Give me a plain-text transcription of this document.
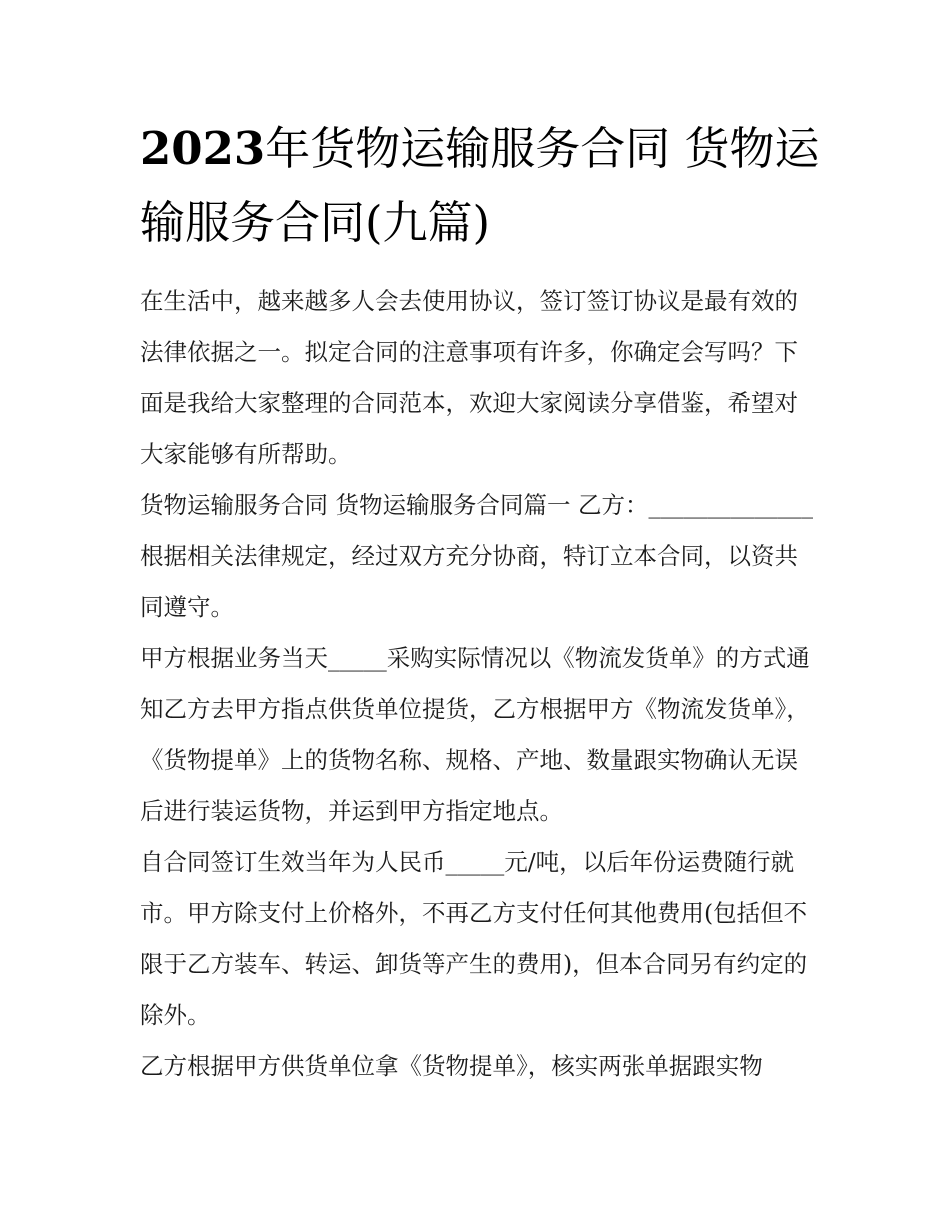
2023年货物运输服务合同 货物运输服务合同(九篇)

在生活中，越来越多人会去使用协议，签订签订协议是最有效的法律依据之一。拟定合同的注意事项有许多，你确定会写吗？下面是我给大家整理的合同范本，欢迎大家阅读分享借鉴，希望对大家能够有所帮助。

货物运输服务合同 货物运输服务合同篇一 乙方：______________ 根据相关法律规定，经过双方充分协商，特订立本合同，以资共同遵守。

甲方根据业务当天_____采购实际情况以《物流发货单》的方式通知乙方去甲方指点供货单位提货，乙方根据甲方《物流发货单》，《货物提单》上的货物名称、规格、产地、数量跟实物确认无误后进行装运货物，并运到甲方指定地点。

自合同签订生效当年为人民币_____元/吨，以后年份运费随行就市。甲方除支付上价格外，不再乙方支付任何其他费用(包括但不限于乙方装车、转运、卸货等产生的费用)，但本合同另有约定的除外。

乙方根据甲方供货单位拿《货物提单》，核实两张单据跟实物
